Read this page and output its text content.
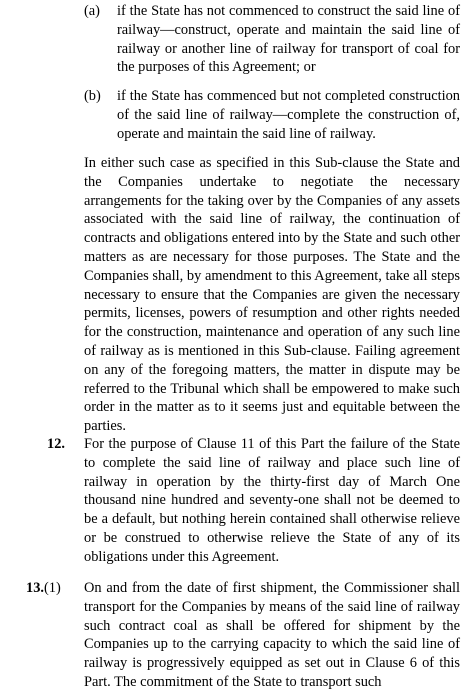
(a) if the State has not commenced to construct the said line of railway—construct, operate and maintain the said line of railway or another line of railway for transport of coal for the purposes of this Agreement; or
(b) if the State has commenced but not completed construction of the said line of railway—complete the construction of, operate and maintain the said line of railway.
In either such case as specified in this Sub-clause the State and the Companies undertake to negotiate the necessary arrangements for the taking over by the Companies of any assets associated with the said line of railway, the continuation of contracts and obligations entered into by the State and such other matters as are necessary for those purposes. The State and the Companies shall, by amendment to this Agreement, take all steps necessary to ensure that the Companies are given the necessary permits, licenses, powers of resumption and other rights needed for the construction, maintenance and operation of any such line of railway as is mentioned in this Sub-clause. Failing agreement on any of the foregoing matters, the matter in dispute may be referred to the Tribunal which shall be empowered to make such order in the matter as to it seems just and equitable between the parties.
12. For the purpose of Clause 11 of this Part the failure of the State to complete the said line of railway and place such line of railway in operation by the thirty-first day of March One thousand nine hundred and seventy-one shall not be deemed to be a default, but nothing herein contained shall otherwise relieve or be construed to otherwise relieve the State of any of its obligations under this Agreement.
13.(1) On and from the date of first shipment, the Commissioner shall transport for the Companies by means of the said line of railway such contract coal as shall be offered for shipment by the Companies up to the carrying capacity to which the said line of railway is progressively equipped as set out in Clause 6 of this Part. The commitment of the State to transport such
